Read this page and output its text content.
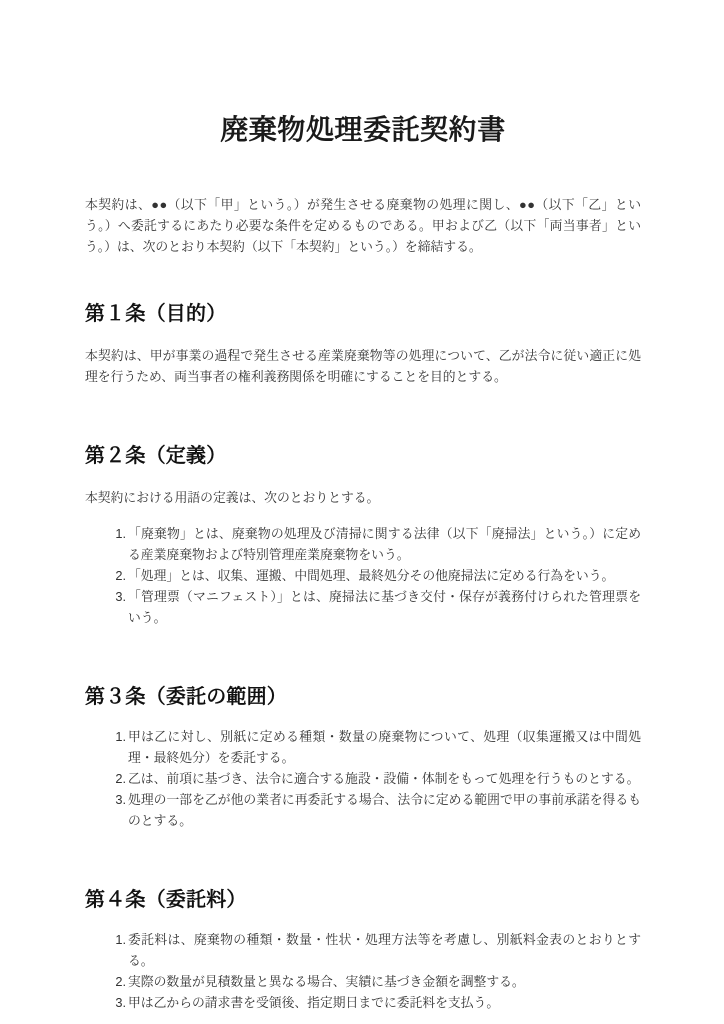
廃棄物処理委託契約書

本契約は、●●（以下「甲」という。）が発生させる廃棄物の処理に関し、●●（以下「乙」という。）へ委託するにあたり必要な条件を定めるものである。甲および乙（以下「両当事者」という。）は、次のとおり本契約（以下「本契約」という。）を締結する。

第１条（目的）

本契約は、甲が事業の過程で発生させる産業廃棄物等の処理について、乙が法令に従い適正に処理を行うため、両当事者の権利義務関係を明確にすることを目的とする。

第２条（定義）

本契約における用語の定義は、次のとおりとする。

「廃棄物」とは、廃棄物の処理及び清掃に関する法律（以下「廃掃法」という。）に定める産業廃棄物および特別管理産業廃棄物をいう。
「処理」とは、収集、運搬、中間処理、最終処分その他廃掃法に定める行為をいう。
「管理票（マニフェスト）」とは、廃掃法に基づき交付・保存が義務付けられた管理票をいう。
第３条（委託の範囲）
甲は乙に対し、別紙に定める種類・数量の廃棄物について、処理（収集運搬又は中間処理・最終処分）を委託する。
乙は、前項に基づき、法令に適合する施設・設備・体制をもって処理を行うものとする。
処理の一部を乙が他の業者に再委託する場合、法令に定める範囲で甲の事前承諾を得るものとする。
第４条（委託料）
委託料は、廃棄物の種類・数量・性状・処理方法等を考慮し、別紙料金表のとおりとする。
実際の数量が見積数量と異なる場合、実績に基づき金額を調整する。
甲は乙からの請求書を受領後、指定期日までに委託料を支払う。
